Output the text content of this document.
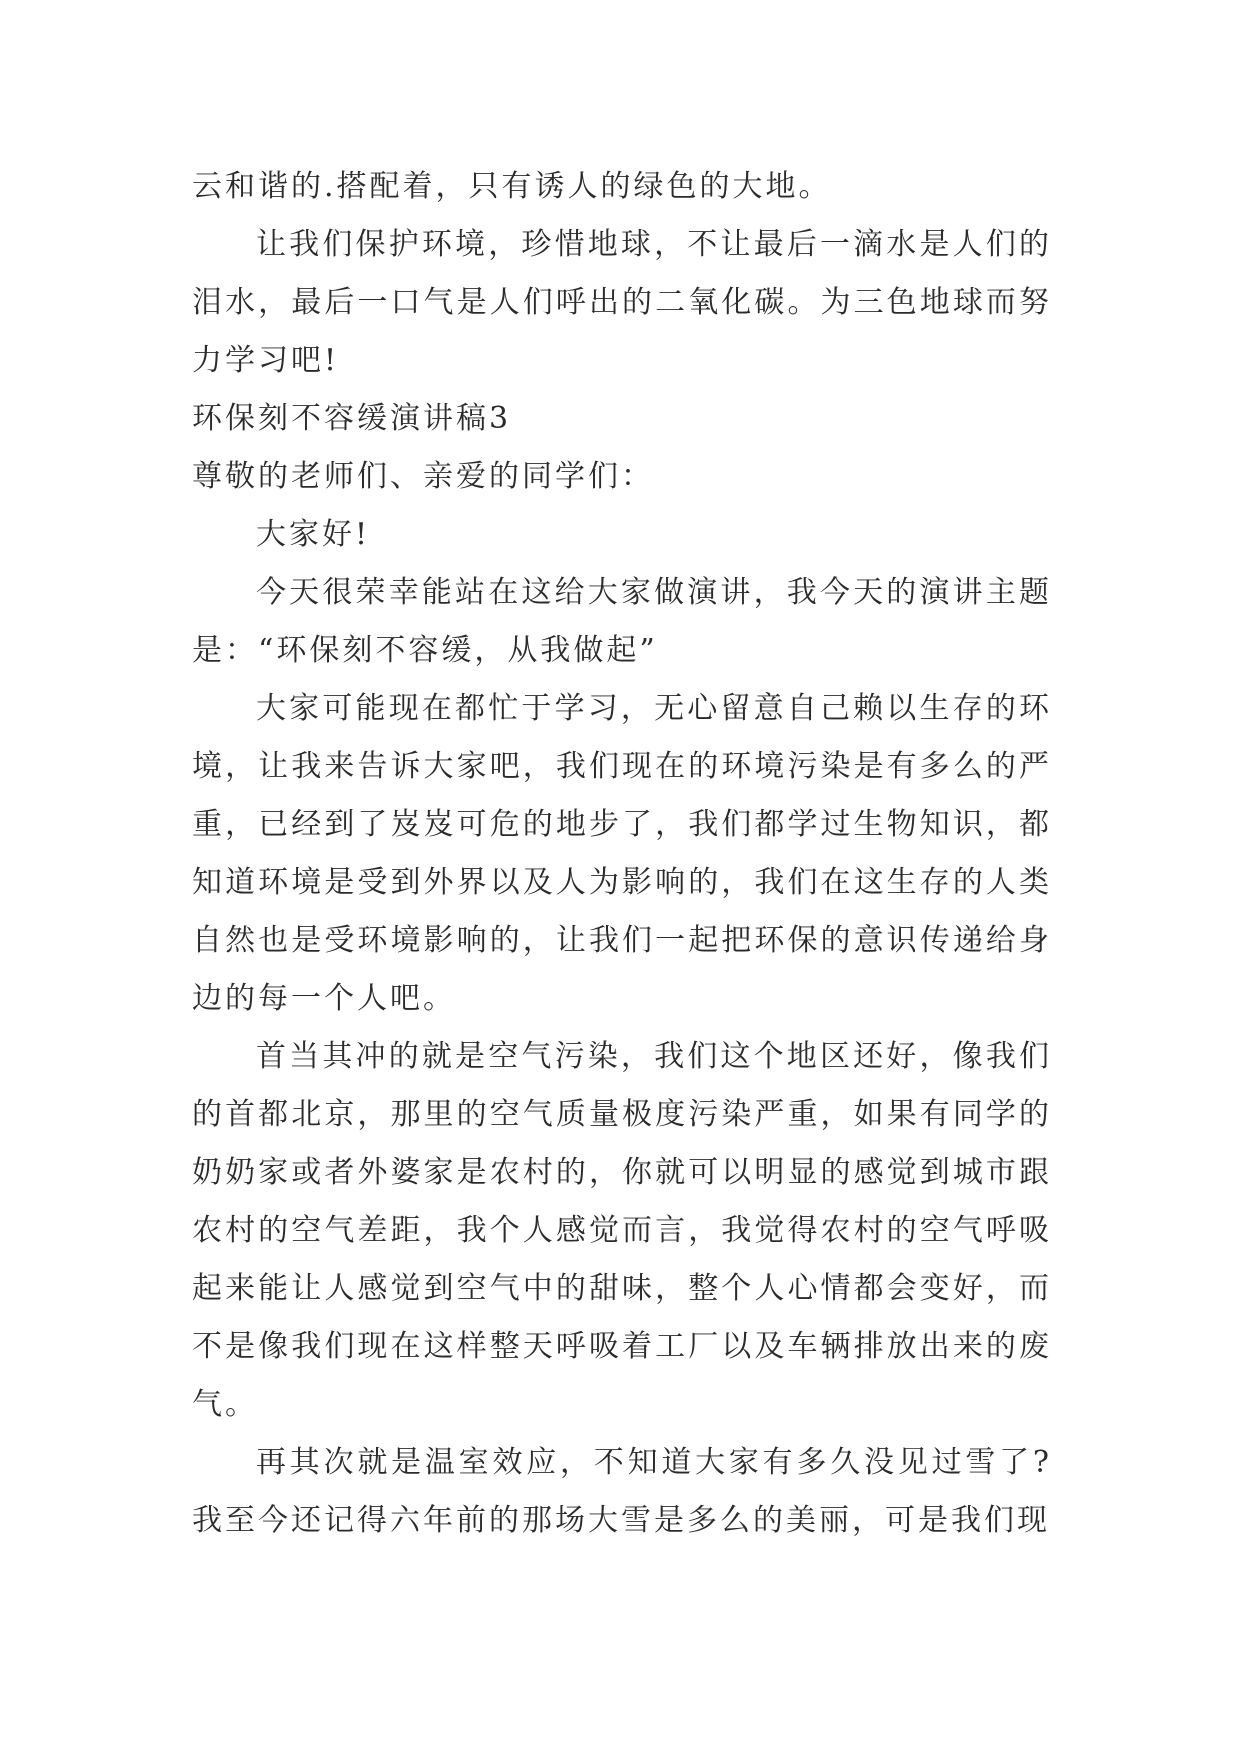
云和谐的.搭配着，只有诱人的绿色的大地。

让我们保护环境，珍惜地球，不让最后一滴水是人们的泪水，最后一口气是人们呼出的二氧化碳。为三色地球而努力学习吧!

环保刻不容缓演讲稿3

尊敬的老师们、亲爱的同学们：

大家好!

今天很荣幸能站在这给大家做演讲，我今天的演讲主题是：“环保刻不容缓，从我做起”

大家可能现在都忙于学习，无心留意自己赖以生存的环境，让我来告诉大家吧，我们现在的环境污染是有多么的严重，已经到了岌岌可危的地步了，我们都学过生物知识，都知道环境是受到外界以及人为影响的，我们在这生存的人类自然也是受环境影响的，让我们一起把环保的意识传递给身边的每一个人吧。

首当其冲的就是空气污染，我们这个地区还好，像我们的首都北京，那里的空气质量极度污染严重，如果有同学的奶奶家或者外婆家是农村的，你就可以明显的感觉到城市跟农村的空气差距，我个人感觉而言，我觉得农村的空气呼吸起来能让人感觉到空气中的甜味，整个人心情都会变好，而不是像我们现在这样整天呼吸着工厂以及车辆排放出来的废气。

再其次就是温室效应，不知道大家有多久没见过雪了?我至今还记得六年前的那场大雪是多么的美丽，可是我们现
